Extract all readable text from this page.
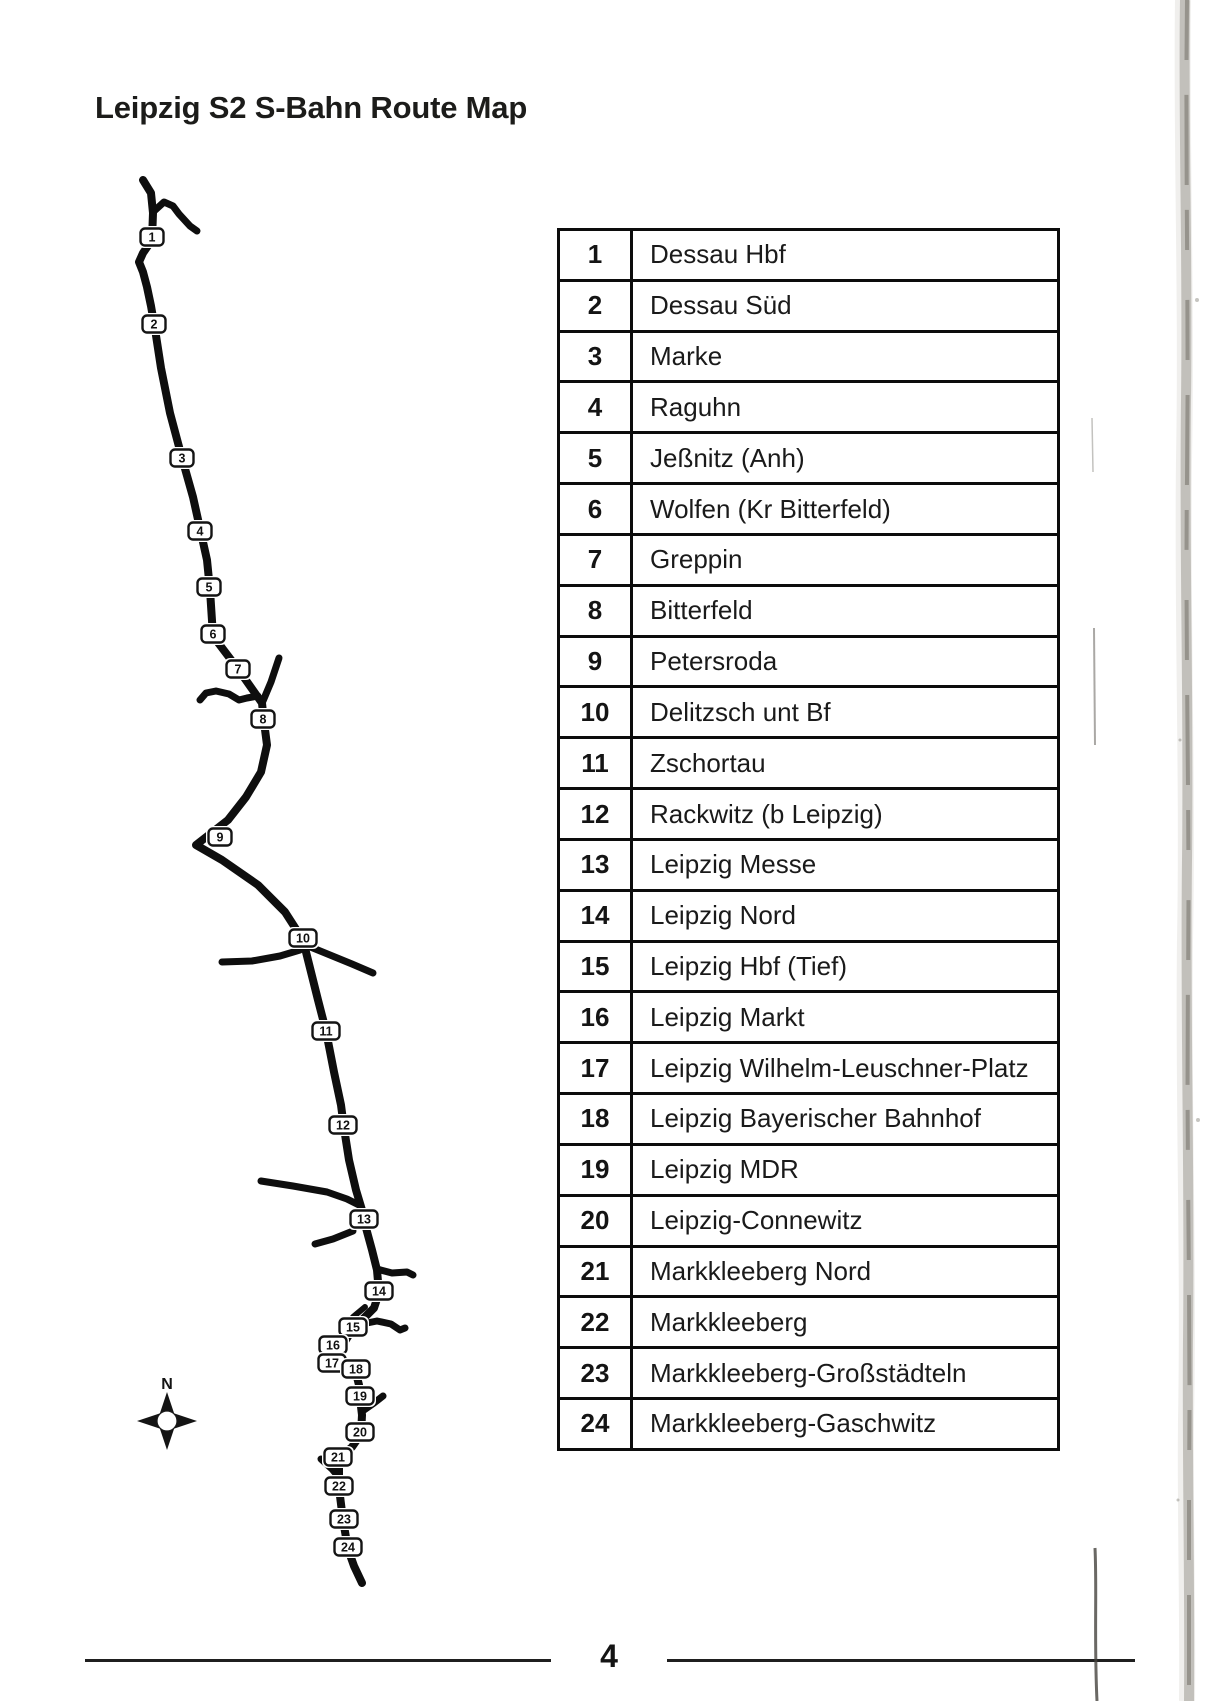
Leipzig S2 S-Bahn Route Map
1
2
3
4
5
6
7
8
9
10
11
12
13
14
15
16
17 18
19
20
21
22
23
24
N
1	Dessau Hbf
2	Dessau Süd
3	Marke
4	Raguhn
5	Jeßnitz (Anh)
6	Wolfen (Kr Bitterfeld)
7	Greppin
8	Bitterfeld
9	Petersroda
10	Delitzsch unt Bf
11	Zschortau
12	Rackwitz (b Leipzig)
13	Leipzig Messe
14	Leipzig Nord
15	Leipzig Hbf (Tief)
16	Leipzig Markt
17	Leipzig Wilhelm-Leuschner-Platz
18	Leipzig Bayerischer Bahnhof
19	Leipzig MDR
20	Leipzig-Connewitz
21	Markkleeberg Nord
22	Markkleeberg
23	Markkleeberg-Großstädteln
24	Markkleeberg-Gaschwitz
4
